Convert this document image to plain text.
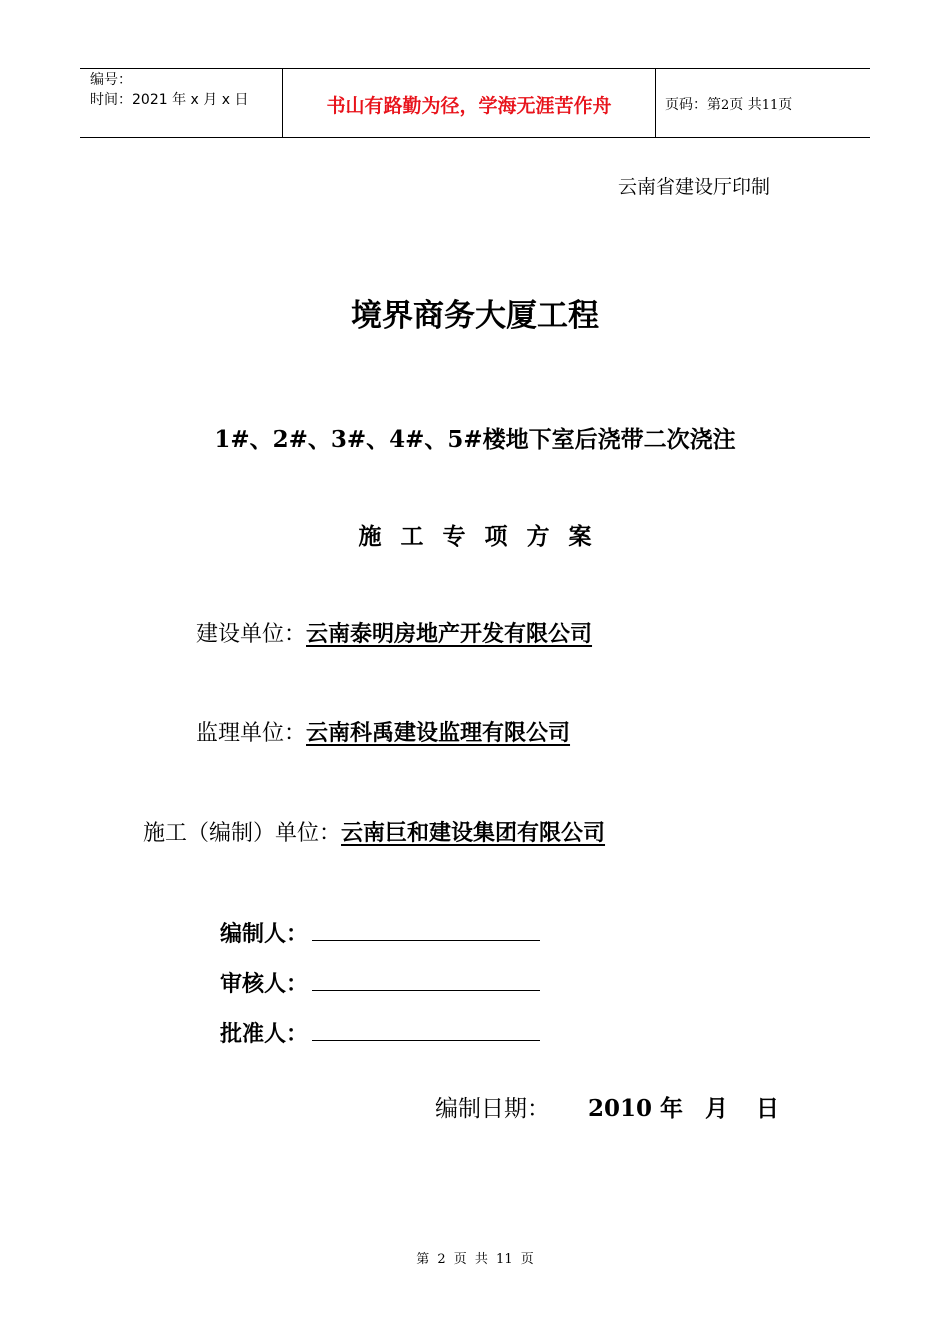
编号：
时间：2021 年 x 月 x 日	书山有路勤为径，学海无涯苦作舟	页码：第2页 共11页
云南省建设厅印制
境界商务大厦工程
1#、2#、3#、4#、5#楼地下室后浇带二次浇注
施工专项方案
建设单位：云南泰明房地产开发有限公司
监理单位：云南科禹建设监理有限公司
施工（编制）单位：云南巨和建设集团有限公司
编制人：
审核人：
批准人：
编制日期： 2010 年 月 日
第 2 页 共 11 页
